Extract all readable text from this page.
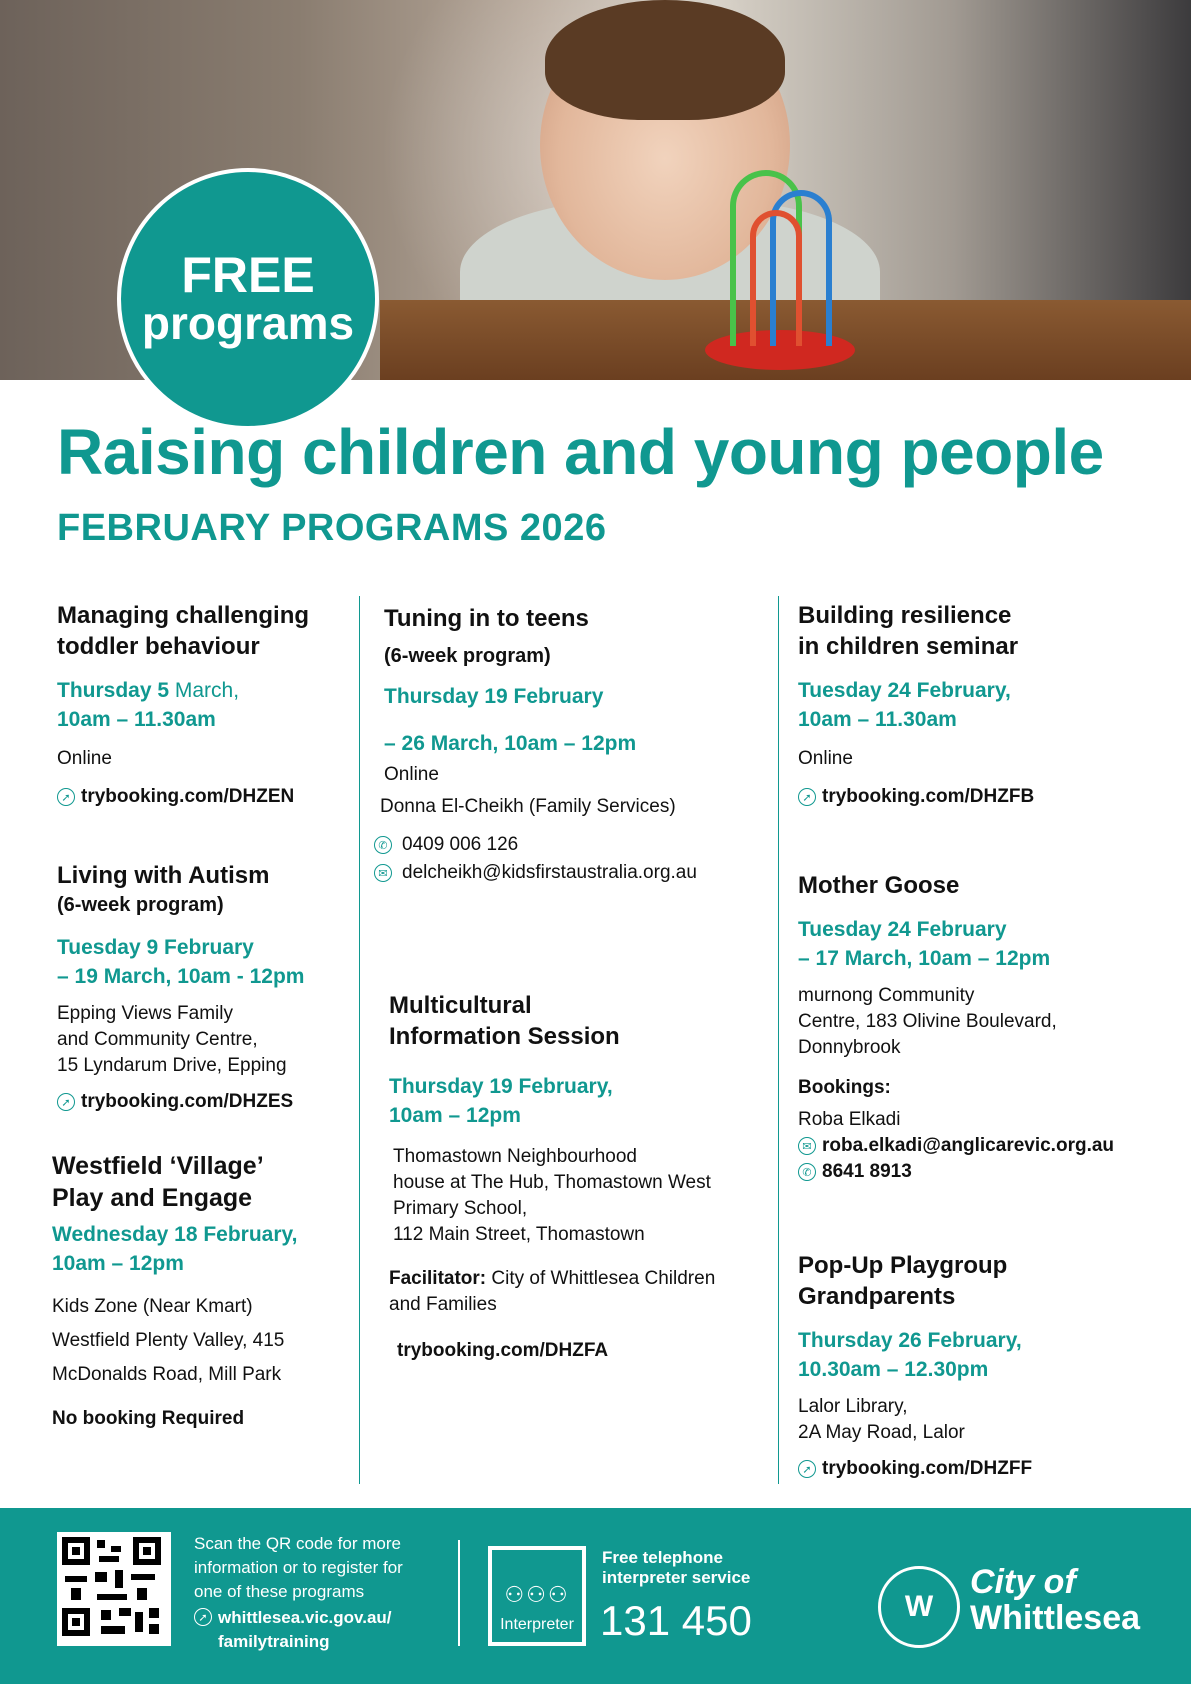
FREE
programs
Raising children and young people
FEBRUARY PROGRAMS 2026
Managing challenging
toddler behaviour
Thursday 5 March,
10am – 11.30am
Online
➚ trybooking.com/DHZEN
Living with Autism
(6-week program)
Tuesday 9 February
– 19 March, 10am - 12pm
Epping Views Family
and Community Centre,
15 Lyndarum Drive, Epping
➚ trybooking.com/DHZES
Westfield ‘Village’
Play and Engage
Wednesday 18 February,
10am – 12pm
Kids Zone (Near Kmart)
Westfield Plenty Valley, 415
McDonalds Road, Mill Park
No booking Required
Tuning in to teens
(6-week program)
Thursday 19 February
– 26 March, 10am – 12pm
Online
Donna El-Cheikh (Family Services)
✆ 0409 006 126
✉ delcheikh@kidsfirstaustralia.org.au
Multicultural
Information Session
Thursday 19 February,
10am – 12pm
Thomastown Neighbourhood
house at The Hub, Thomastown West
Primary School,
112 Main Street, Thomastown
Facilitator: City of Whittlesea Children
and Families
trybooking.com/DHZFA
Building resilience
in children seminar
Tuesday 24 February,
10am – 11.30am
Online
➚ trybooking.com/DHZFB
Mother Goose
Tuesday 24 February
– 17 March, 10am – 12pm
murnong Community
Centre, 183 Olivine Boulevard,
Donnybrook
Bookings:
Roba Elkadi
✉ roba.elkadi@anglicarevic.org.au
✆ 8641 8913
Pop-Up Playgroup
Grandparents
Thursday 26 February,
10.30am – 12.30pm
Lalor Library,
2A May Road, Lalor
➚ trybooking.com/DHZFF
Scan the QR code for more
information or to register for
one of these programs
➚ whittlesea.vic.gov.au/
familytraining
⚇⚇⚇
Interpreter
Free telephone
interpreter service
131 450	W
City of
Whittlesea
